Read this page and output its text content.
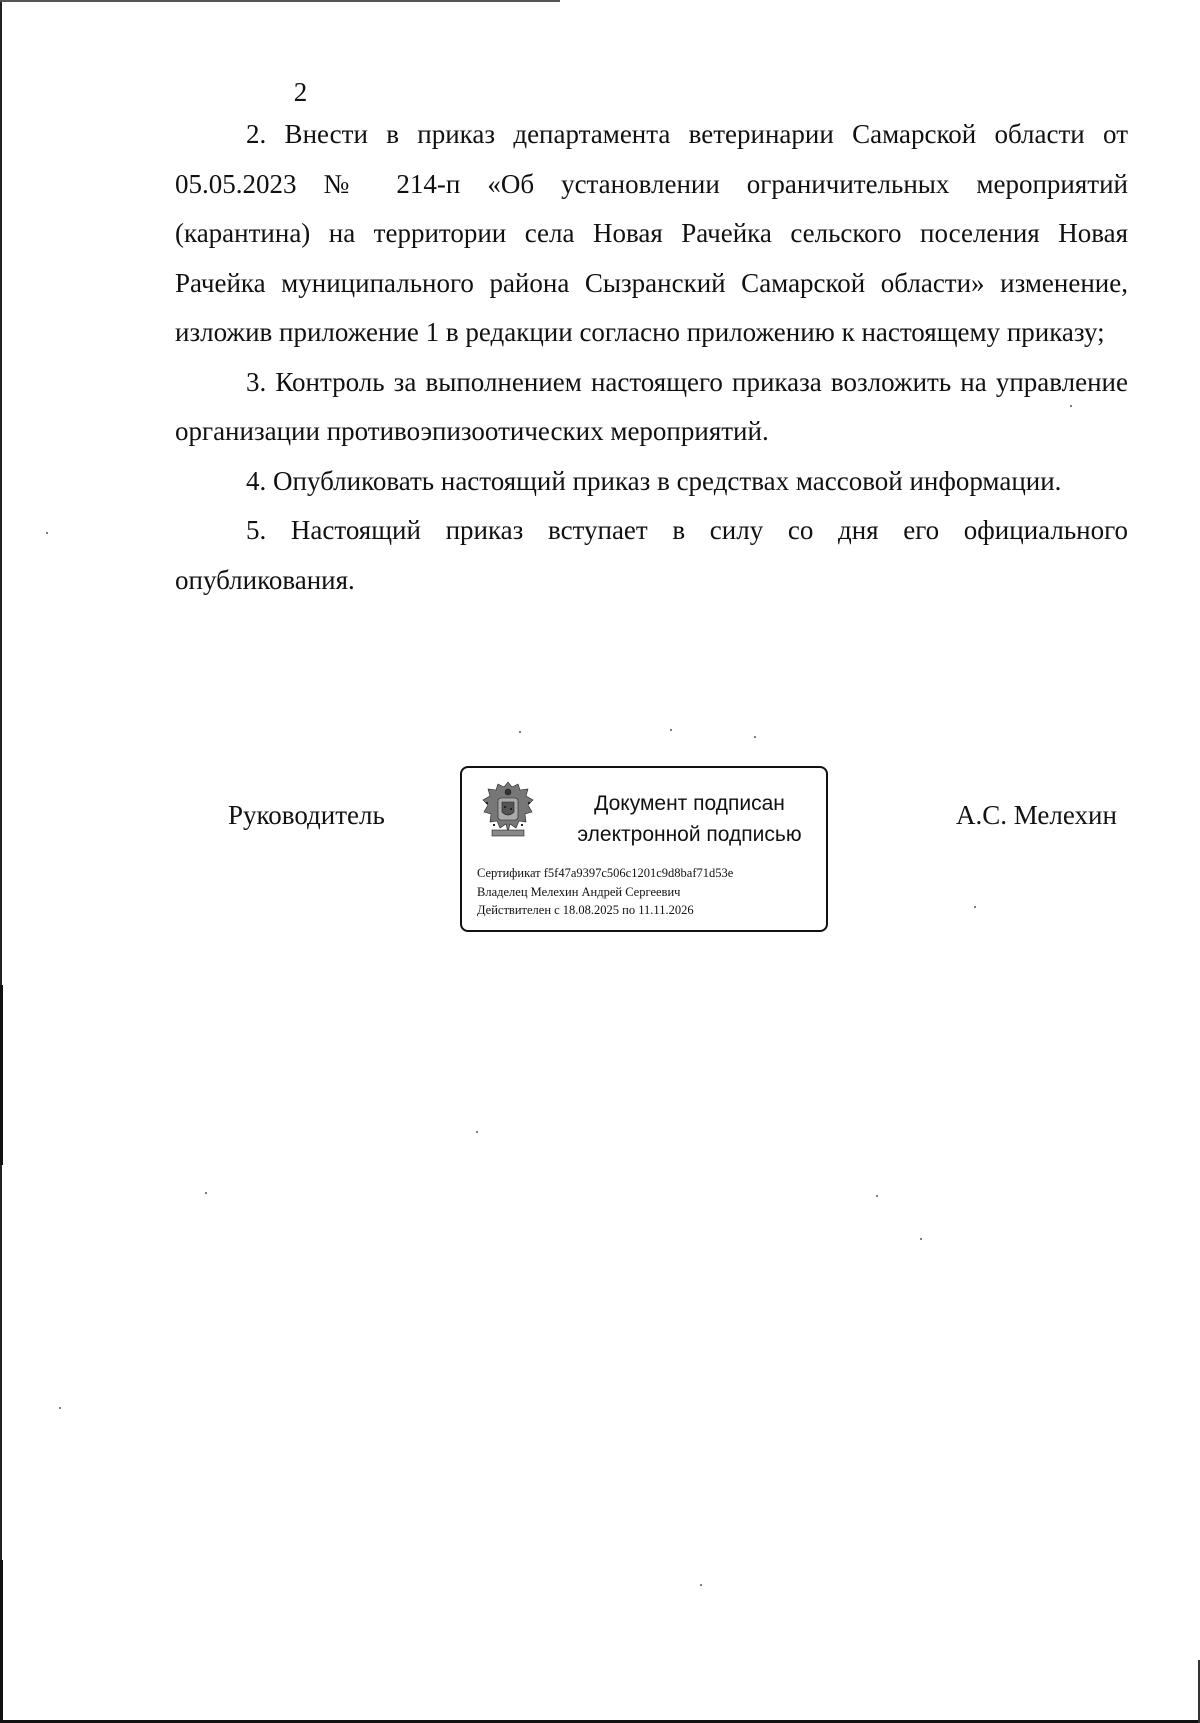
2

2. Внести в приказ департамента ветеринарии Самарской области от 05.05.2023 № 214-п «Об установлении ограничительных мероприятий (карантина) на территории села Новая Рачейка сельского поселения Новая Рачейка муниципального района Сызранский Самарской области» изменение, изложив приложение 1 в редакции согласно приложению к настоящему приказу;

3. Контроль за выполнением настоящего приказа возложить на управление организации противоэпизоотических мероприятий.

4. Опубликовать настоящий приказ в средствах массовой информации.

5. Настоящий приказ вступает в силу со дня его официального опубликования.

Руководитель	Документ подписан
электронной подписью
Сертификат f5f47a9397c506c1201c9d8baf71d53e
Владелец Мелехин Андрей Сергеевич
Действителен с 18.08.2025 по 11.11.2026
А.С. Мелехин
